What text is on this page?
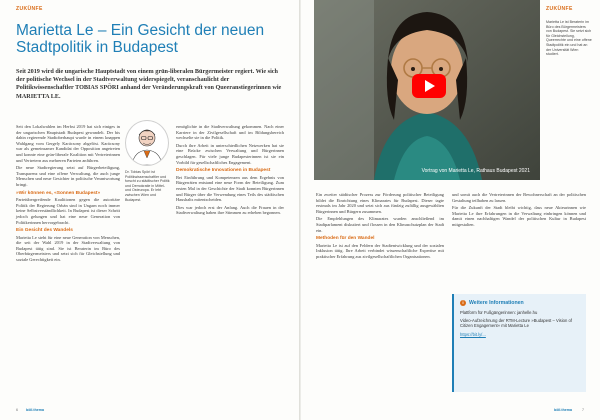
ZUKÜNFE
Marietta Le – Ein Gesicht der neuen Stadtpolitik in Budapest

Seit 2019 wird die ungarische Hauptstadt von einem grün-liberalen Bürgermeister regiert. Wie sich der politische Wechsel in der Stadtverwaltung widerspiegelt, veranschaulicht der Politikwissenschaftler TOBIAS SPÖRI anhand der Veränderungskraft von Queeranstiegerinnen wie MARIETTA LE.

Seit den Lokalwahlen im Herbst 2019 hat sich einiges in der ungarischen Hauptstadt Budapest gewandelt. Der bis dahin regierende Stadtoberhaupt wurde in einem knappen Wahlgang vom Gergely Karácsony abgelöst. Karácsony war als gemeinsamer Kandidat der Opposition angetreten und konnte eine grün-liberale Koalition mit Vertreterinnen und Vertretern aus mehreren Parteien anführen.

Die neue Stadtregierung setzt auf Bürgerbeteiligung, Transparenz und eine offene Verwaltung, die auch junge Menschen und neue Gesichter in politische Verantwortung bringt.

»Wir können es, «Sonnen Budapest»

Parteiübergreifende Koalitionen gegen die autoritäre Politik der Regierung Orbán sind in Ungarn noch immer keine Selbstverständlichkeit. In Budapest ist dieser Schritt jedoch gelungen und hat eine neue Generation von Politikerinnen hervorgebracht.

Ein Gesicht des Wandels

Marietta Le steht für eine neue Generation von Menschen, die seit der Wahl 2019 in der Stadtverwaltung von Budapest tätig sind. Sie ist Beraterin im Büro des Oberbürgermeisters und setzt sich für Gleichstellung und soziale Gerechtigkeit ein.

Dr. Tobias Spöri ist Politikwissenschaftler und forscht zu städtischer Politik und Demokratie in Mittel- und Osteuropa. Er lebt zwischen Wien und Budapest.

ermöglichte in die Stadtverwaltung gekommen. Nach einer Karriere in der Zivilgesellschaft und im Bildungsbereich wechselte sie in die Politik.

Durch ihre Arbeit in unterschiedlichen Netzwerken hat sie eine Brücke zwischen Verwaltung und Bürgerinnen geschlagen. Für viele junge Budapesterinnen ist sie ein Vorbild für gesellschaftliches Engagement.

Demokratische Innovationen in Budapest

Bei Einführung und Kompetenzen aus dem Ergebnis von Bürgerräten entstand eine neue Form der Beteiligung. Zum ersten Mal in der Geschichte der Stadt konnten Bürgerinnen und Bürger über die Verwendung eines Teils des städtischen Haushalts mitentscheiden.

Dies war jedoch erst der Anfang. Auch die Frauen in der Stadtverwaltung haben ihre Stimmen zu erheben begonnen.

6 böll.thema
Vortrag von Marietta Le, Rathaus Budapest 2021
ZUKÜNFE

Marietta Le ist Beraterin im Büro des Bürgermeisters von Budapest. Sie setzt sich für Gleichstellung, Queerrechte und eine offene Stadtpolitik ein und hat an der Universität Wien studiert.

Ein zweiter städtischer Prozess zur Förderung politischer Beteiligung bildet die Einrichtung eines Klimarates für Budapest. Dieser tagte erstmals im Jahr 2020 und setzt sich aus fünfzig zufällig ausgewählten Bürgerinnen und Bürgern zusammen.

Die Empfehlungen des Klimarates wurden anschließend im Stadtparlament diskutiert und flossen in den Klimaschutzplan der Stadt ein.

Methoden für den Wandel

Marietta Le ist auf den Feldern der Stadtentwicklung und der sozialen Inklusion tätig. Ihre Arbeit verbindet wissenschaftliche Expertise mit praktischer Erfahrung aus zivilgesellschaftlichen Organisationen.

und somit auch die Vertreterinnen der Bewohnerschaft an der politischen Gestaltung teilhaben zu lassen.

Für die Zukunft der Stadt bleibt wichtig, dass neue Akteurinnen wie Marietta Le ihre Erfahrungen in die Verwaltung einbringen können und damit einen nachhaltigen Wandel der politischen Kultur in Budapest mitgestalten.

i	Weitere Informationen

Plattform für Fußgängerinnen: janhelle.hu

Video-Aufzeichnung der RTM-Lecture »Budapest – Vision of Citizen Engagement« mit Marietta Le

https://bit.ly/...

böll.thema	7
